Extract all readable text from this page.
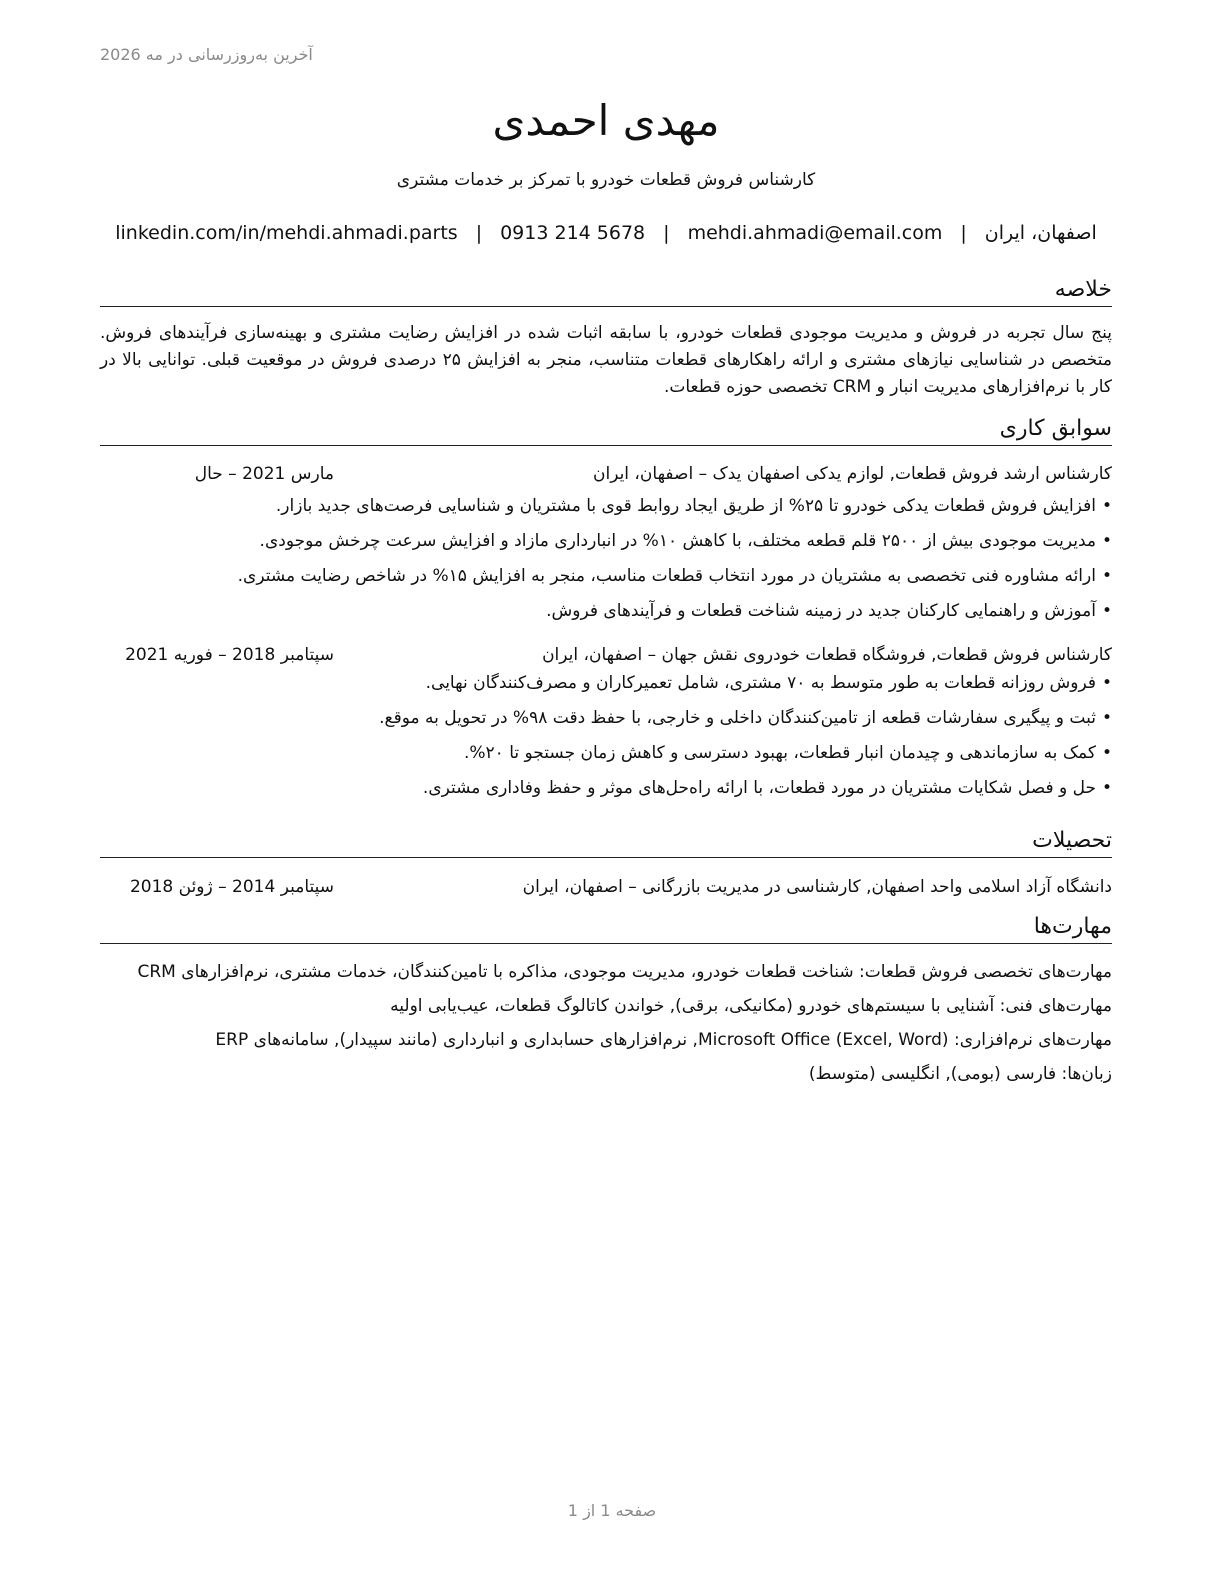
آخرین به‌روزرسانی در مه 2026

مهدی احمدی

کارشناس فروش قطعات خودرو با تمرکز بر خدمات مشتری

اصفهان، ایران
|
mehdi.ahmadi@email.com
|
0913 214 5678
|
linkedin.com/in/mehdi.ahmadi.parts
خلاصه

پنج سال تجربه در فروش و مدیریت موجودی قطعات خودرو، با سابقه اثبات شده در افزایش رضایت مشتری و بهینه‌سازی فرآیندهای فروش. متخصص در شناسایی نیازهای مشتری و ارائه راهکارهای قطعات متناسب، منجر به افزایش ۲۵ درصدی فروش در موقعیت قبلی. توانایی بالا در کار با نرم‌افزارهای مدیریت انبار و CRM تخصصی حوزه قطعات.

سوابق کاری
کارشناس ارشد فروش قطعات, لوازم یدکی اصفهان یدک – اصفهان، ایران
مارس 2021 – حال
•افزایش فروش قطعات یدکی خودرو تا ۲۵% از طریق ایجاد روابط قوی با مشتریان و شناسایی فرصت‌های جدید بازار.
•مدیریت موجودی بیش از ۲۵۰۰ قلم قطعه مختلف، با کاهش ۱۰% در انبارداری مازاد و افزایش سرعت چرخش موجودی.
•ارائه مشاوره فنی تخصصی به مشتریان در مورد انتخاب قطعات مناسب، منجر به افزایش ۱۵% در شاخص رضایت مشتری.
•آموزش و راهنمایی کارکنان جدید در زمینه شناخت قطعات و فرآیندهای فروش.
کارشناس فروش قطعات, فروشگاه قطعات خودروی نقش جهان – اصفهان، ایران
سپتامبر 2018 – فوریه 2021
•فروش روزانه قطعات به طور متوسط به ۷۰ مشتری، شامل تعمیرکاران و مصرف‌کنندگان نهایی.
•ثبت و پیگیری سفارشات قطعه از تامین‌کنندگان داخلی و خارجی، با حفظ دقت ۹۸% در تحویل به موقع.
•کمک به سازماندهی و چیدمان انبار قطعات، بهبود دسترسی و کاهش زمان جستجو تا ۲۰%.
•حل و فصل شکایات مشتریان در مورد قطعات، با ارائه راه‌حل‌های موثر و حفظ وفاداری مشتری.
تحصیلات
دانشگاه آزاد اسلامی واحد اصفهان, کارشناسی در مدیریت بازرگانی – اصفهان، ایران
سپتامبر 2014 – ژوئن 2018
مهارت‌ها

مهارت‌های تخصصی فروش قطعات: شناخت قطعات خودرو، مدیریت موجودی، مذاکره با تامین‌کنندگان، خدمات مشتری، نرم‌افزارهای CRM

مهارت‌های فنی: آشنایی با سیستم‌های خودرو (مکانیکی، برقی), خواندن کاتالوگ قطعات، عیب‌یابی اولیه

مهارت‌های نرم‌افزاری: Microsoft Office (Excel, Word), نرم‌افزارهای حسابداری و انبارداری (مانند سپیدار), سامانه‌های ERP

زبان‌ها: فارسی (بومی), انگلیسی (متوسط)

صفحه 1 از 1
